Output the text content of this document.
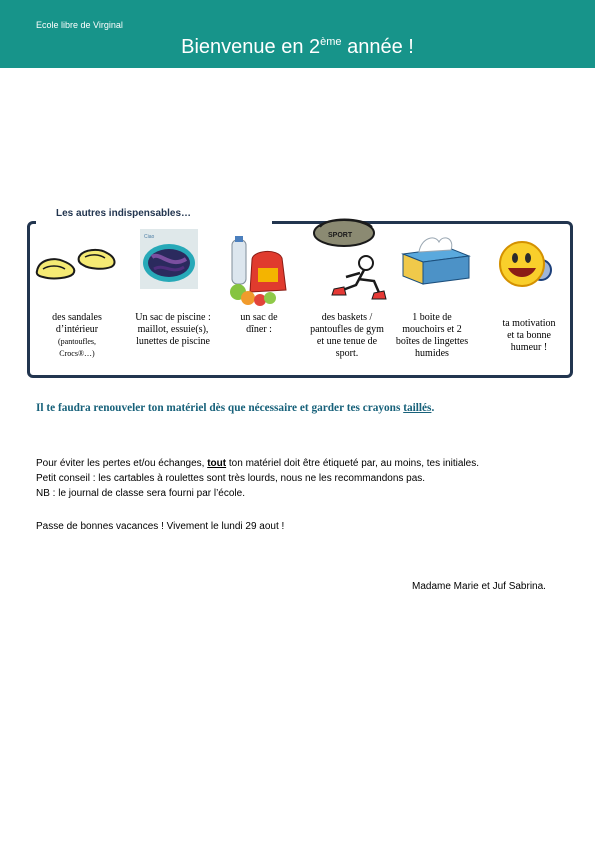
Ecole libre de Virginal
Bienvenue en 2ème année !
Les autres indispensables…
Ciao	SPORT
des sandales
d’intérieur
(pantoufles,
Crocs®…)
Un sac de piscine :
maillot, essuie(s),
lunettes de piscine
un sac de
dîner :
des baskets /
pantoufles de gym
et une tenue de
sport.
1 boite de
mouchoirs et 2
boîtes de lingettes
humides
ta motivation
et ta bonne
humeur !
Il te faudra renouveler ton matériel dès que nécessaire et garder tes crayons taillés.
Pour éviter les pertes et/ou échanges, tout ton matériel doit être étiqueté par, au moins, tes initiales.
Petit conseil : les cartables à roulettes sont très lourds, nous ne les recommandons pas.
NB : le journal de classe sera fourni par l’école.
Passe de bonnes vacances ! Vivement le lundi 29 aout !
Madame Marie et Juf Sabrina.
